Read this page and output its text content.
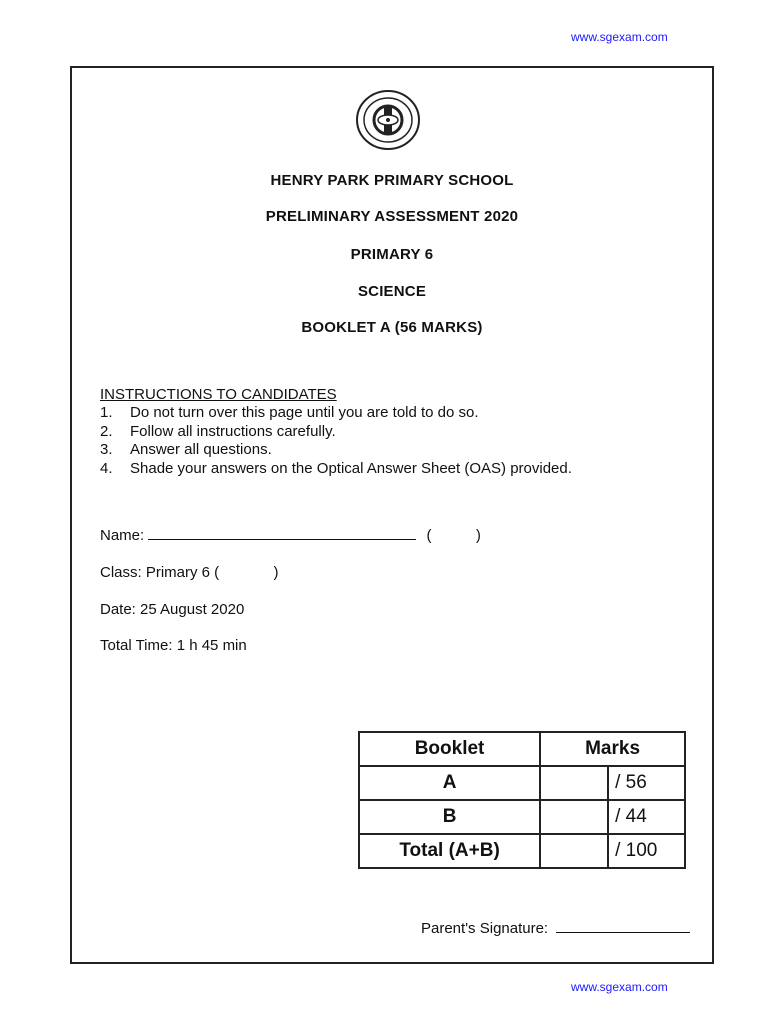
www.sgexam.com
HENRY PARK PRIMARY SCHOOL
PRELIMINARY ASSESSMENT 2020
PRIMARY 6
SCIENCE
BOOKLET A (56 MARKS)
INSTRUCTIONS TO CANDIDATES
1.	Do not turn over this page until you are told to do so.
2.	Follow all instructions carefully.
3.	Answer all questions.
4.	Shade your answers on the Optical Answer Sheet (OAS) provided.
Name:	(	)
Class: Primary 6 (	)
Date: 25 August 2020
Total Time: 1 h 45 min
Booklet	Marks	
A		/ 56
B		/ 44
Total (A+B)		/ 100
Parent's Signature:
www.sgexam.com
